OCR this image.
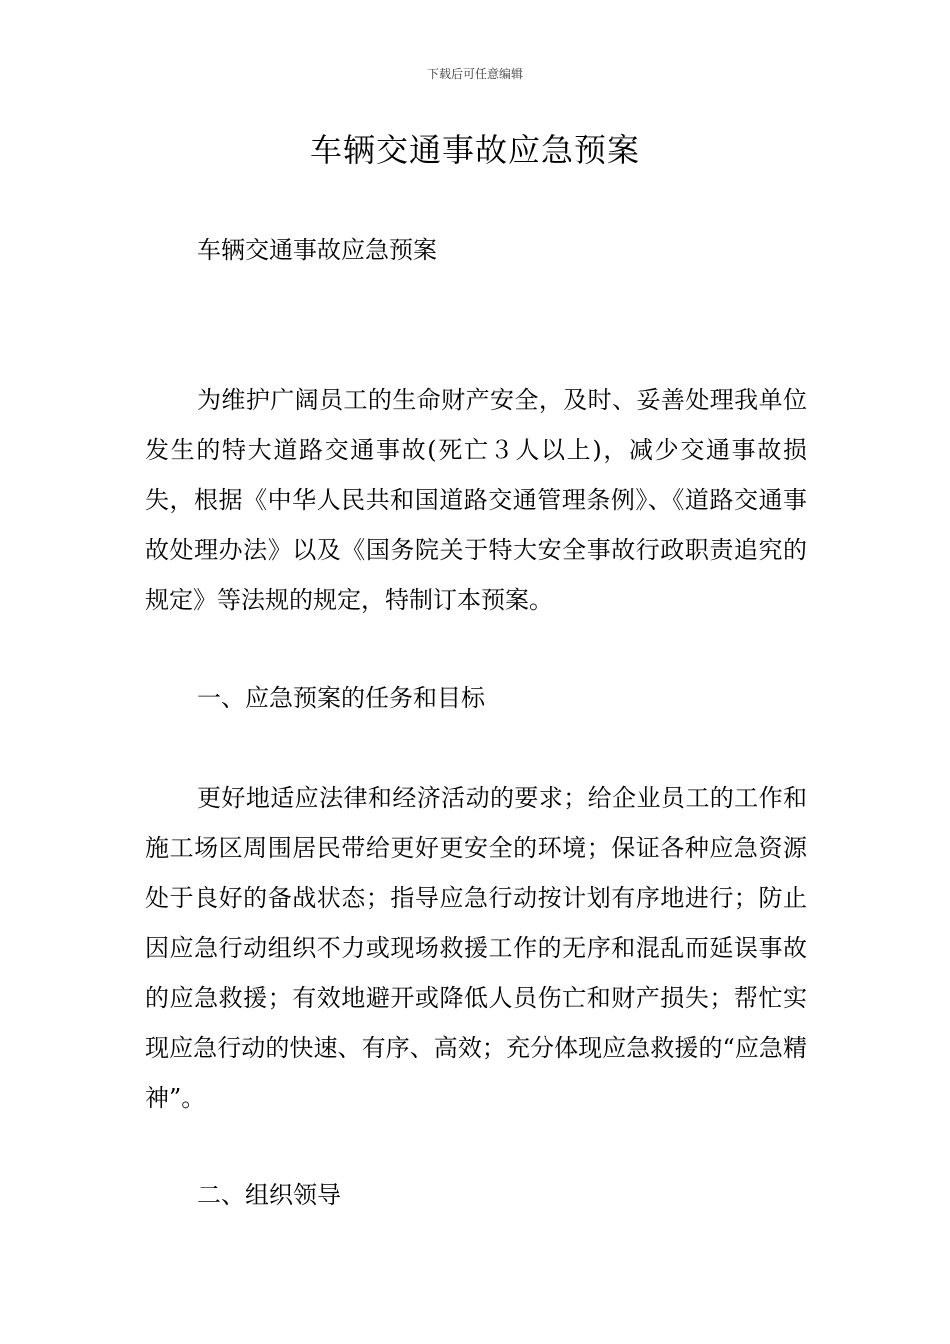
下载后可任意编辑
车辆交通事故应急预案

车辆交通事故应急预案

为维护广阔员工的生命财产安全，及时、妥善处理我单位发生的特大道路交通事故(死亡３人以上)，减少交通事故损失，根据《中华人民共和国道路交通管理条例》、《道路交通事故处理办法》以及《国务院关于特大安全事故行政职责追究的规定》等法规的规定，特制订本预案。

一、应急预案的任务和目标

更好地适应法律和经济活动的要求；给企业员工的工作和施工场区周围居民带给更好更安全的环境；保证各种应急资源处于良好的备战状态；指导应急行动按计划有序地进行；防止因应急行动组织不力或现场救援工作的无序和混乱而延误事故的应急救援；有效地避开或降低人员伤亡和财产损失；帮忙实现应急行动的快速、有序、高效；充分体现应急救援的“应急精神”。

二、组织领导
